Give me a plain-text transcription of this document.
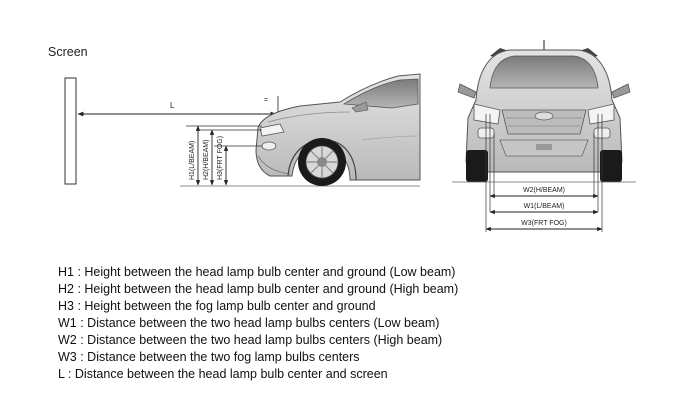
Screen
L
=
H1(L/BEAM) H2(H/BEAM) H3(FRT FOG)
W2(H/BEAM)
W1(L/BEAM)
W3(FRT FOG)
H1 : Height between the head lamp bulb center and ground (Low beam)
H2 : Height between the head lamp bulb center and ground (High beam)
H3 : Height between the fog lamp bulb center and ground
W1 : Distance between the two head lamp bulbs centers (Low beam)
W2 : Distance between the two head lamp bulbs centers (High beam)
W3 : Distance between the two fog lamp bulbs centers
L : Distance between the head lamp bulb center and screen
